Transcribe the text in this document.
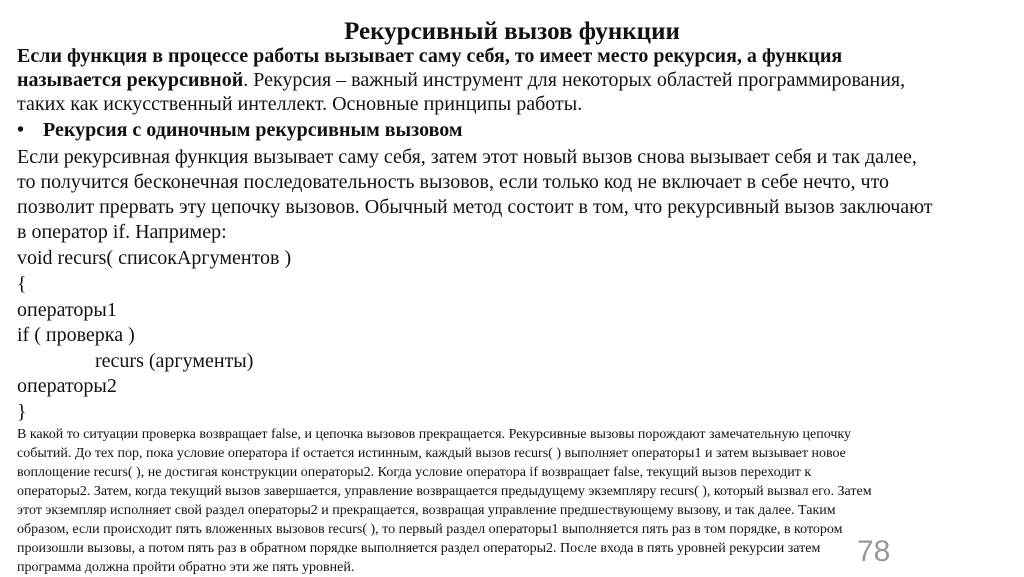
Рекурсивный вызов функции
Если функция в процессе работы вызывает саму себя, то имеет место рекурсия, а функция
называется рекурсивной. Рекурсия – важный инструмент для некоторых областей программирования,
таких как искусственный интеллект. Основные принципы работы.
• Рекурсия с одиночным рекурсивным вызовом
Если рекурсивная функция вызывает саму себя, затем этот новый вызов снова вызывает себя и так далее,
то получится бесконечная последовательность вызовов, если только код не включает в себе нечто, что
позволит прервать эту цепочку вызовов. Обычный метод состоит в том, что рекурсивный вызов заключают
в оператор if. Например:
void recurs( списокАргументов )
{
операторы1
if ( проверка )
recurs (аргументы)
операторы2
}
В какой то ситуации проверка возвращает false, и цепочка вызовов прекращается. Рекурсивные вызовы порождают замечательную цепочку
событий. До тех пор, пока условие оператора if остается истинным, каждый вызов recurs( ) выполняет операторы1 и затем вызывает новое
воплощение recurs( ), не достигая конструкции операторы2. Когда условие оператора if возвращает false, текущий вызов переходит к
операторы2. Затем, когда текущий вызов завершается, управление возвращается предыдущему экземпляру recurs( ), который вызвал его. Затем
этот экземпляр исполняет свой раздел операторы2 и прекращается, возвращая управление предшествующему вызову, и так далее. Таким
образом, если происходит пять вложенных вызовов recurs( ), то первый раздел операторы1 выполняется пять раз в том порядке, в котором
произошли вызовы, а потом пять раз в обратном порядке выполняется раздел операторы2. После входа в пять уровней рекурсии затем
программа должна пройти обратно эти же пять уровней.	78
